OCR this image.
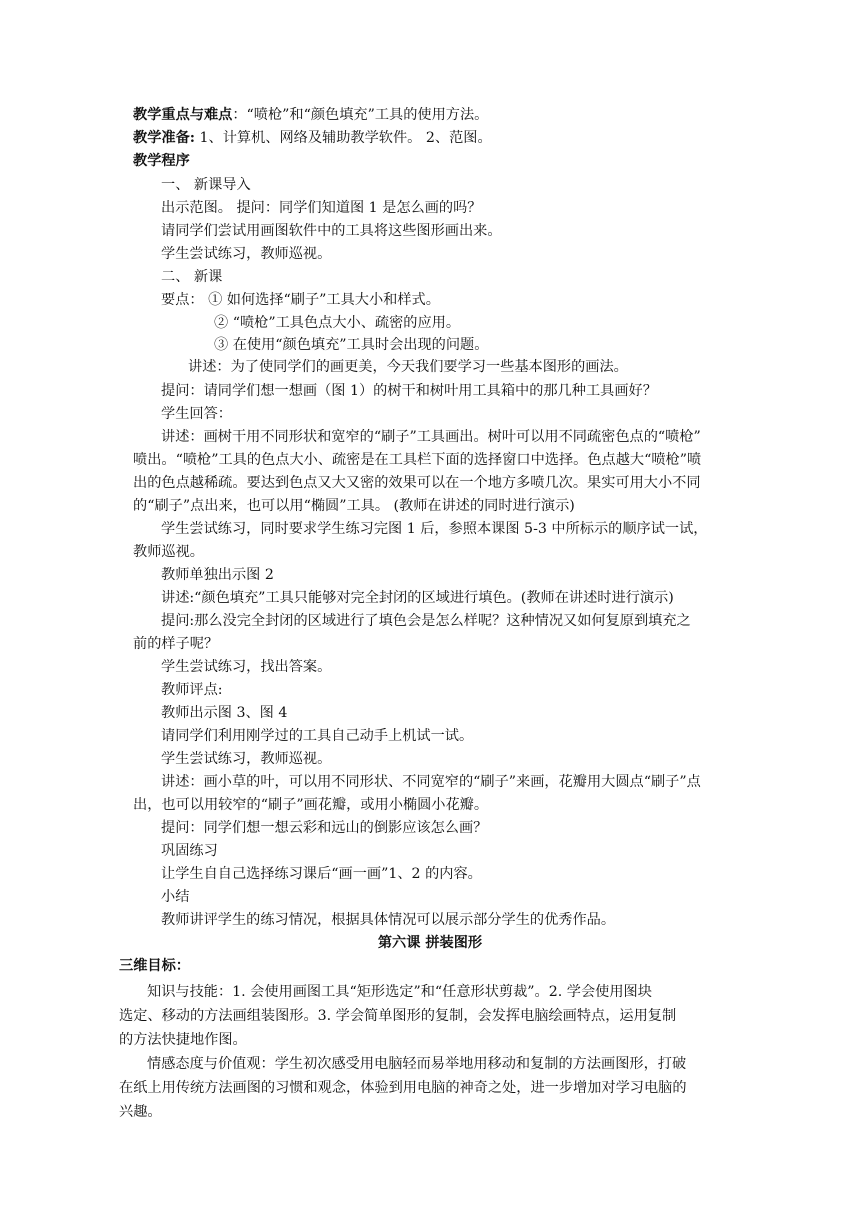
教学重点与难点：“喷枪”和“颜色填充”工具的使用方法。
教学准备: 1、计算机、网络及辅助教学软件。 2、范图。
教学程序
一、 新课导入
出示范图。 提问：同学们知道图 1 是怎么画的吗？
请同学们尝试用画图软件中的工具将这些图形画出来。
学生尝试练习，教师巡视。
二、 新课
要点： ① 如何选择“刷子”工具大小和样式。
② “喷枪”工具色点大小、疏密的应用。
③ 在使用“颜色填充”工具时会出现的问题。
讲述：为了使同学们的画更美，今天我们要学习一些基本图形的画法。
提问：请同学们想一想画（图 1）的树干和树叶用工具箱中的那几种工具画好？
学生回答：
讲述：画树干用不同形状和宽窄的“刷子”工具画出。树叶可以用不同疏密色点的“喷枪”
喷出。“喷枪”工具的色点大小、疏密是在工具栏下面的选择窗口中选择。色点越大“喷枪”喷
出的色点越稀疏。要达到色点又大又密的效果可以在一个地方多喷几次。果实可用大小不同
的“刷子”点出来，也可以用“椭圆”工具。 (教师在讲述的同时进行演示)
学生尝试练习，同时要求学生练习完图 1 后，参照本课图 5-3 中所标示的顺序试一试，
教师巡视。
教师单独出示图 2
讲述:“颜色填充”工具只能够对完全封闭的区域进行填色。(教师在讲述时进行演示)
提问:那么没完全封闭的区域进行了填色会是怎么样呢？这种情况又如何复原到填充之
前的样子呢？
学生尝试练习，找出答案。
教师评点:
教师出示图 3、图 4
请同学们利用刚学过的工具自己动手上机试一试。
学生尝试练习，教师巡视。
讲述：画小草的叶，可以用不同形状、不同宽窄的“刷子”来画，花瓣用大圆点“刷子”点
出，也可以用较窄的“刷子”画花瓣，或用小椭圆小花瓣。
提问：同学们想一想云彩和远山的倒影应该怎么画？
巩固练习
让学生自自己选择练习课后“画一画”1、2 的内容。
小结
教师讲评学生的练习情况，根据具体情况可以展示部分学生的优秀作品。
第六课 拼装图形
三维目标：
知识与技能：1. 会使用画图工具“矩形选定”和“任意形状剪裁”。2. 学会使用图块
选定、移动的方法画组装图形。3. 学会简单图形的复制，会发挥电脑绘画特点，运用复制
的方法快捷地作图。
情感态度与价值观：学生初次感受用电脑轻而易举地用移动和复制的方法画图形，打破
在纸上用传统方法画图的习惯和观念，体验到用电脑的神奇之处，进一步增加对学习电脑的
兴趣。
